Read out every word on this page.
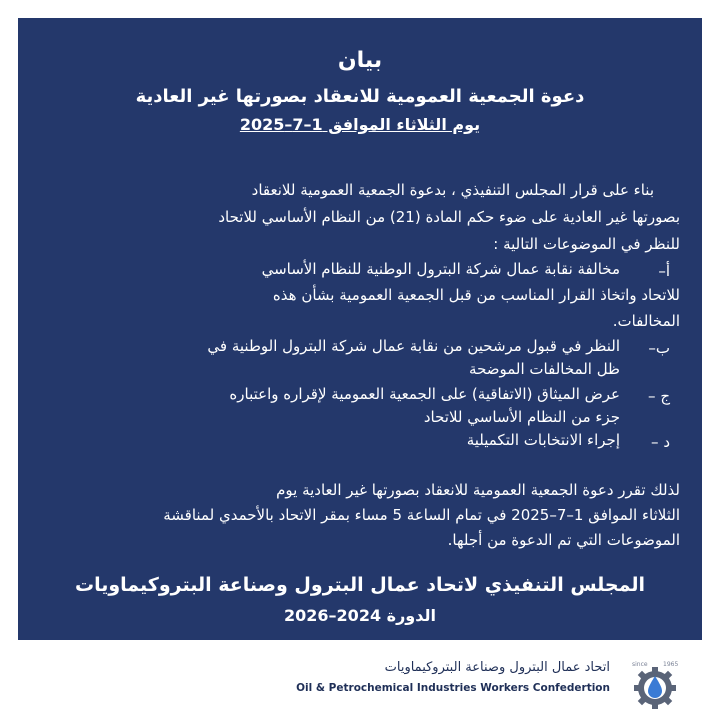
بيان
دعوة الجمعية العمومية للانعقاد بصورتها غير العادية
يوم الثلاثاء الموافق 1–7–2025
بناء على قرار المجلس التنفيذي ، بدعوة الجمعية العمومية للانعقاد
بصورتها غير العادية على ضوء حكم المادة (21) من النظام الأساسي للاتحاد
للنظر في الموضوعات التالية :
أ–
مخالفة نقابة عمال شركة البترول الوطنية للنظام الأساسي
للاتحاد واتخاذ القرار المناسب من قبل الجمعية العمومية بشأن هذه
المخالفات.
ب–
النظر في قبول مرشحين من نقابة عمال شركة البترول الوطنية في
ظل المخالفات الموضحة
ج –
عرض الميثاق (الاتفاقية) على الجمعية العمومية لإقراره واعتباره
جزء من النظام الأساسي للاتحاد
د –
إجراء الانتخابات التكميلية
لذلك تقرر دعوة الجمعية العمومية للانعقاد بصورتها غير العادية يوم
الثلاثاء الموافق 1–7–2025 في تمام الساعة 5 مساء بمقر الاتحاد بالأحمدي لمناقشة
الموضوعات التي تم الدعوة من أجلها.
المجلس التنفيذي لاتحاد عمال البترول وصناعة البتروكيماويات
الدورة 2024–2026
اتحاد عمال البترول وصناعة البتروكيماويات
Oil & Petrochemical Industries Workers Confedertion
since	1965
